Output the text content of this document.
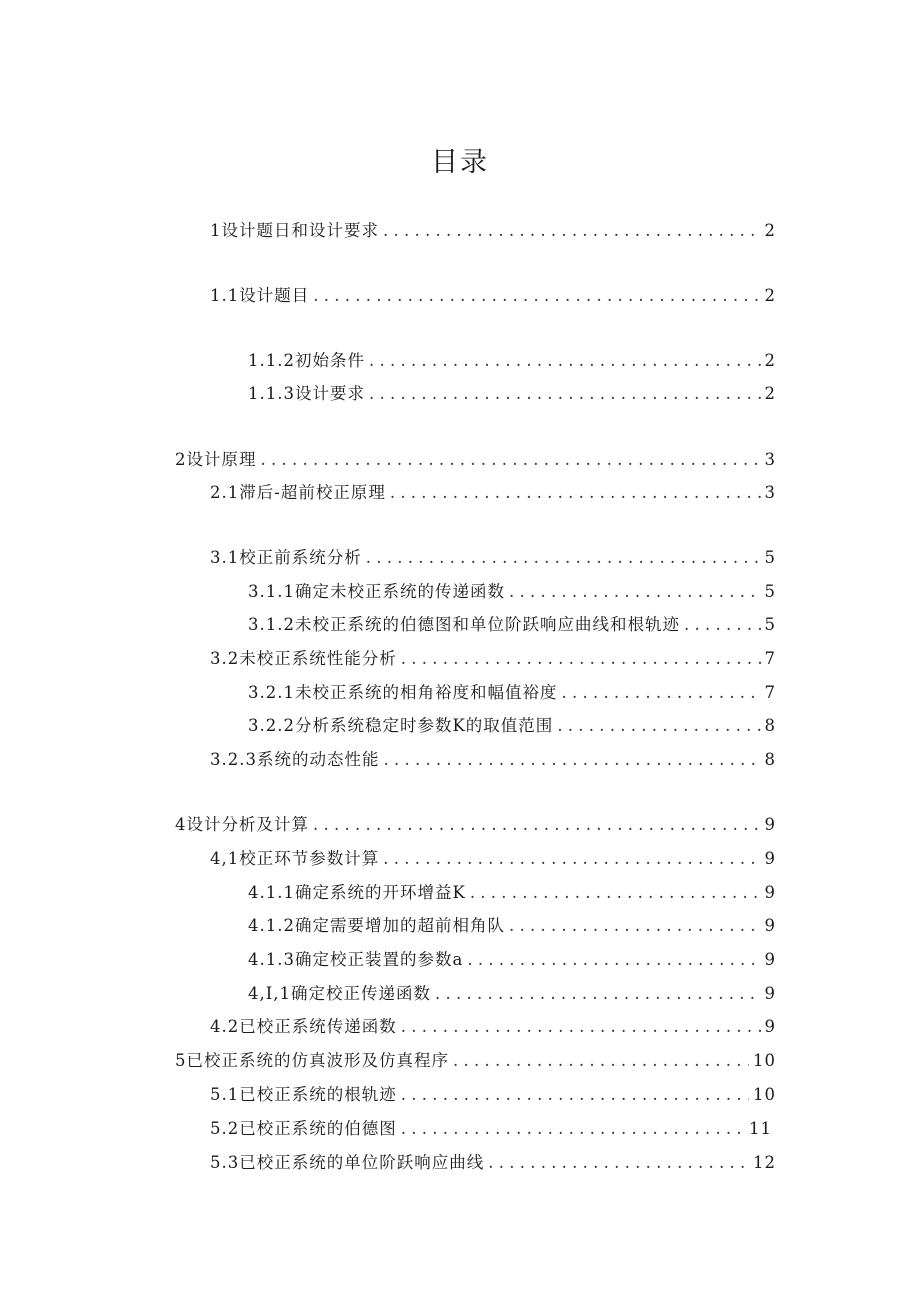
目录
1设计题日和设计要求 . . .	2
1.1设计题目 . . .	2
1.1.2初始条件 . . .	2
1.1.3设计要求 . . .	2
2设计原理 . . .	3
2.1滞后-超前校正原理 . . .	3
3.1校正前系统分析 . . .	5
3.1.1确定未校正系统的传递函数 . . .	5
3.1.2未校正系统的伯德图和单位阶跃响应曲线和根轨迹 . . .	5
3.2未校正系统性能分析 . . .	7
3.2.1未校正系统的相角裕度和幅值裕度 . . .	7
3.2.2分析系统稳定时参数K的取值范围 . . .	8
3.2.3系统的动态性能 . . .	8
4设计分析及计算 . . .	9
4,1校正环节参数计算 . . .	9
4.1.1确定系统的开环增益K . . .	9
4.1.2确定需要增加的超前相角队 . . .	9
4.1.3确定校正装置的参数a . . .	9
4,I,1确定校正传递函数 . . .	9
4.2已校正系统传递函数 . . .	9
5已校正系统的仿真波形及仿真程序 . . .	10
5.1已校正系统的根轨迹 . . .	10
5.2已校正系统的伯德图 . . .	11
5.3已校正系统的单位阶跃响应曲线 . . .	12
